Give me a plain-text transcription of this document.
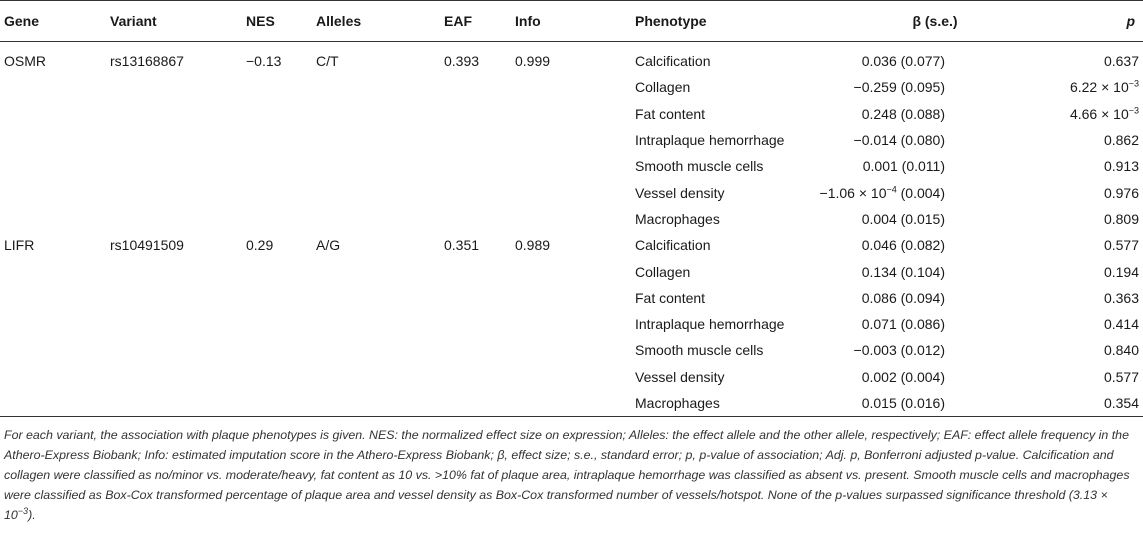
Gene	Variant	NES	Alleles	EAF	Info	Phenotype	β (s.e.)	p
OSMR	rs13168867	−0.13	C/T	0.393	0.999	Calcification	0.036 (0.077)	0.637
						Collagen	−0.259 (0.095)	$6.22 \times 10^{-3}$
						Fat content	0.248 (0.088)	$4.66 \times 10^{-3}$
						Intraplaque hemorrhage	−0.014 (0.080)	0.862
						Smooth muscle cells	0.001 (0.011)	0.913
						Vessel density	$-1.06 \times 10^{-4}$ (0.004)	0.976
						Macrophages	0.004 (0.015)	0.809
LIFR	rs10491509	0.29	A/G	0.351	0.989	Calcification	0.046 (0.082)	0.577
						Collagen	0.134 (0.104)	0.194
						Fat content	0.086 (0.094)	0.363
						Intraplaque hemorrhage	0.071 (0.086)	0.414
						Smooth muscle cells	−0.003 (0.012)	0.840
						Vessel density	0.002 (0.004)	0.577
						Macrophages	0.015 (0.016)	0.354
For each variant, the association with plaque phenotypes is given. NES: the normalized effect size on expression; Alleles: the effect allele and the other allele, respectively; EAF: effect allele frequency in the Athero-Express Biobank; Info: estimated imputation score in the Athero-Express Biobank; β, effect size; s.e., standard error; p, p-value of association; Adj. p, Bonferroni adjusted p-value. Calcification and collagen were classified as no/minor vs. moderate/heavy, fat content as 10 vs. >10% fat of plaque area, intraplaque hemorrhage was classified as absent vs. present. Smooth muscle cells and macrophages were classified as Box-Cox transformed percentage of plaque area and vessel density as Box-Cox transformed number of vessels/hotspot. None of the p-values surpassed significance threshold $(3.13 \times 10^{-3})$.
